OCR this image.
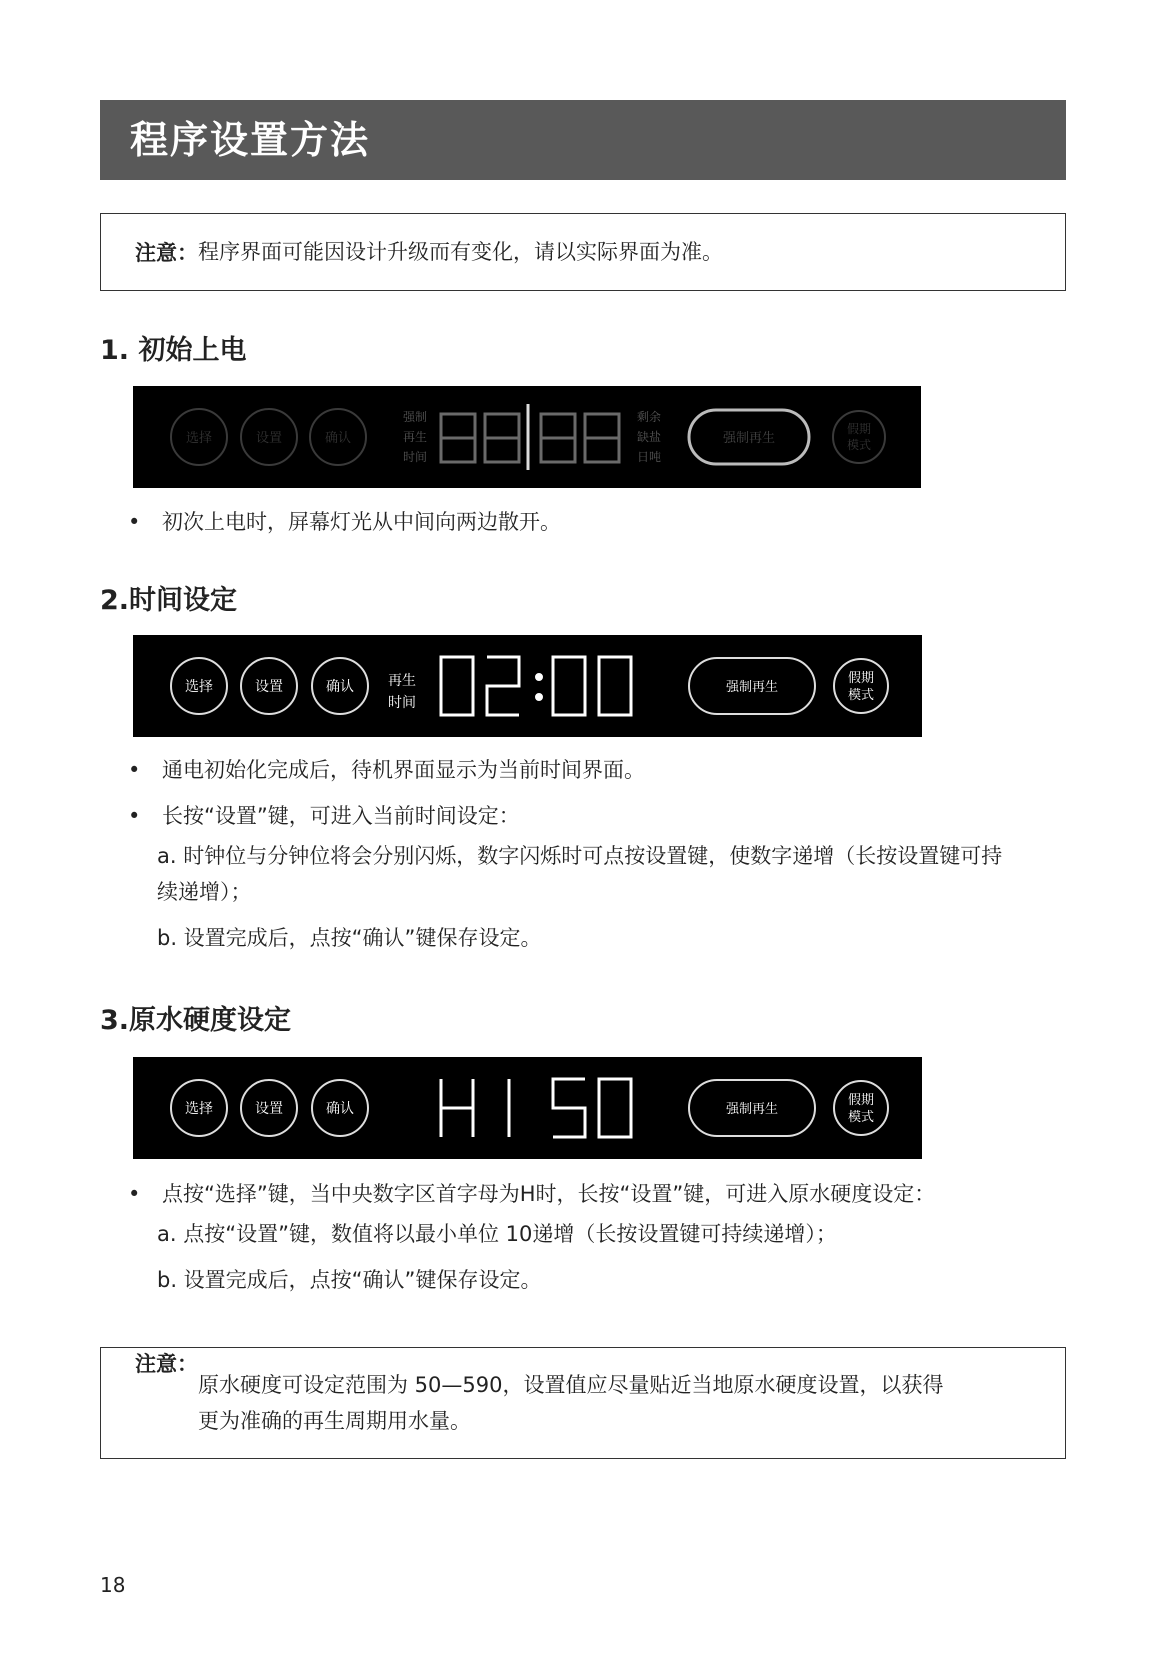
程序设置方法
注意： 程序界面可能因设计升级而有变化，请以实际界面为准。
1. 初始上电
选择	设置	确认
强制
再生
时间
剩余
缺盐
日吨
强制再生
假期
模式
• 初次上电时，屏幕灯光从中间向两边散开。
2.时间设定
选择	设置	确认 再生
时间
强制再生
假期
模式
• 通电初始化完成后，待机界面显示为当前时间界面。
• 长按“设置”键，可进入当前时间设定：
a. 时钟位与分钟位将会分别闪烁，数字闪烁时可点按设置键，使数字递增（长按设置键可持
续递增）；
b. 设置完成后，点按“确认”键保存设定。
3.原水硬度设定
选择	设置	确认	强制再生
假期
模式
• 点按“选择”键，当中央数字区首字母为H时，长按“设置”键，可进入原水硬度设定：
a. 点按“设置”键，数值将以最小单位 10递增（长按设置键可持续递增）；
b. 设置完成后，点按“确认”键保存设定。
注意：
原水硬度可设定范围为 50—590，设置值应尽量贴近当地原水硬度设置，以获得
更为准确的再生周期用水量。
18
